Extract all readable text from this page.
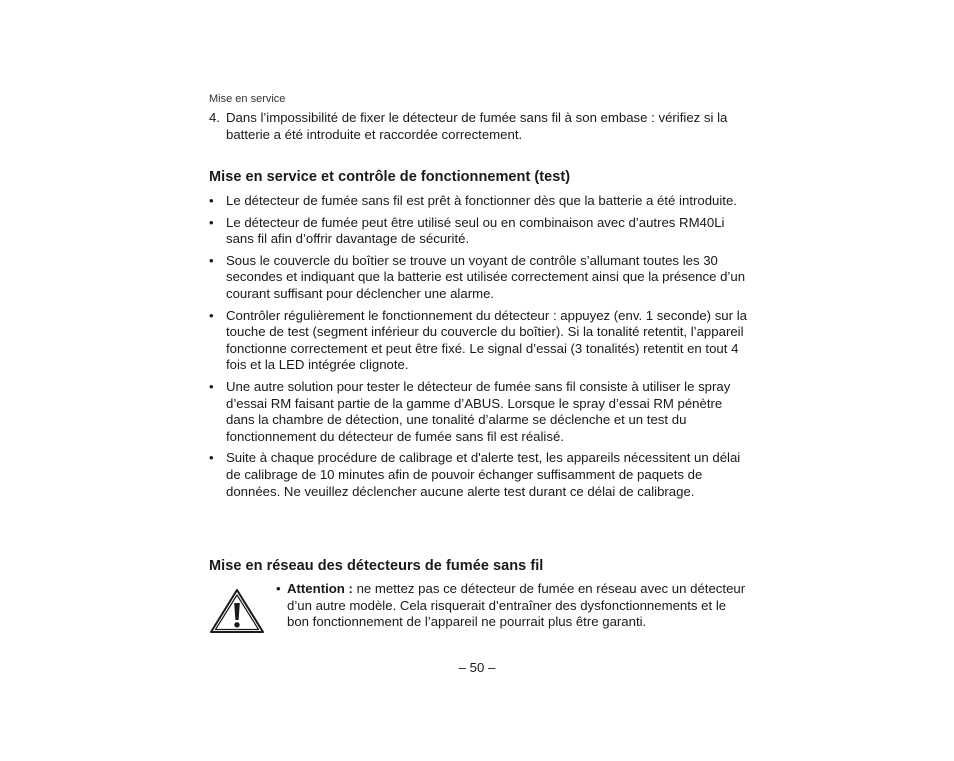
Mise en service
4. Dans l’impossibilité de fixer le détecteur de fumée sans fil à son embase : vérifiez si la batterie a été introduite et raccordée correctement.
Mise en service et contrôle de fonctionnement (test)
• Le détecteur de fumée sans fil est prêt à fonctionner dès que la batterie a été introduite.
• Le détecteur de fumée peut être utilisé seul ou en combinaison avec d’autres RM40Li sans fil afin d’offrir davantage de sécurité.
• Sous le couvercle du boîtier se trouve un voyant de contrôle s’allumant toutes les 30 secondes et indiquant que la batterie est utilisée correctement ainsi que la présence d’un courant suffisant pour déclencher une alarme.
• Contrôler régulièrement le fonctionnement du détecteur : appuyez (env. 1 seconde) sur la touche de test (segment inférieur du couvercle du boîtier). Si la tonalité retentit, l’appareil fonctionne correctement et peut être fixé. Le signal d’essai (3 tonalités) retentit en tout 4 fois et la LED intégrée clignote.
• Une autre solution pour tester le détecteur de fumée sans fil consiste à utiliser le spray d’essai RM faisant partie de la gamme d’ABUS. Lorsque le spray d’essai RM pénètre dans la chambre de détection, une tonalité d’alarme se déclenche et un test du fonctionnement du détecteur de fumée sans fil est réalisé.
• Suite à chaque procédure de calibrage et d'alerte test, les appareils nécessitent un délai de calibrage de 10 minutes afin de pouvoir échanger suffisamment de paquets de données. Ne veuillez déclencher aucune alerte test durant ce délai de calibrage.
Mise en réseau des détecteurs de fumée sans fil
• Attention : ne mettez pas ce détecteur de fumée en réseau avec un détecteur d’un autre modèle. Cela risquerait d’entraîner des dysfonctionnements et le bon fonctionnement de l’appareil ne pourrait plus être garanti.
– 50 –
